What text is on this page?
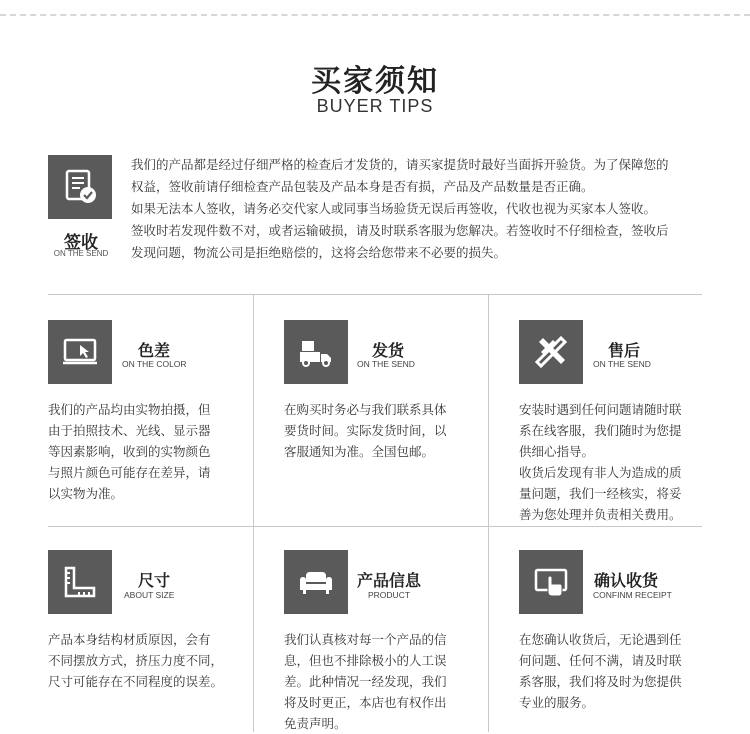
买家须知
BUYER TIPS
签收
ON THE SEND

我们的产品都是经过仔细严格的检查后才发货的，请买家提货时最好当面拆开验货。为了保障您的

权益，签收前请仔细检查产品包装及产品本身是否有损，产品及产品数量是否正确。

如果无法本人签收，请务必交代家人或同事当场验货无误后再签收，代收也视为买家本人签收。

签收时若发现件数不对，或者运输破损，请及时联系客服为您解决。若签收时不仔细检查，签收后

发现问题，物流公司是拒绝赔偿的，这将会给您带来不必要的损失。

色差
ON THE COLOR

我们的产品均由实物拍摄，但

由于拍照技术、光线、显示器

等因素影响，收到的实物颜色

与照片颜色可能存在差异，请

以实物为准。

发货
ON THE SEND

在购买时务必与我们联系具体

要货时间。实际发货时间，以

客服通知为准。全国包邮。

售后
ON THE SEND

安装时遇到任何问题请随时联

系在线客服，我们随时为您提

供细心指导。

收货后发现有非人为造成的质

量问题，我们一经核实，将妥

善为您处理并负责相关费用。

尺寸
ABOUT SIZE

产品本身结构材质原因，会有

不同摆放方式，挤压力度不同，

尺寸可能存在不同程度的误差。

产品信息
PRODUCT

我们认真核对每一个产品的信

息，但也不排除极小的人工误

差。此种情况一经发现，我们

将及时更正，本店也有权作出

免责声明。

确认收货
CONFINM RECEIPT

在您确认收货后，无论遇到任

何问题、任何不满，请及时联

系客服，我们将及时为您提供

专业的服务。
